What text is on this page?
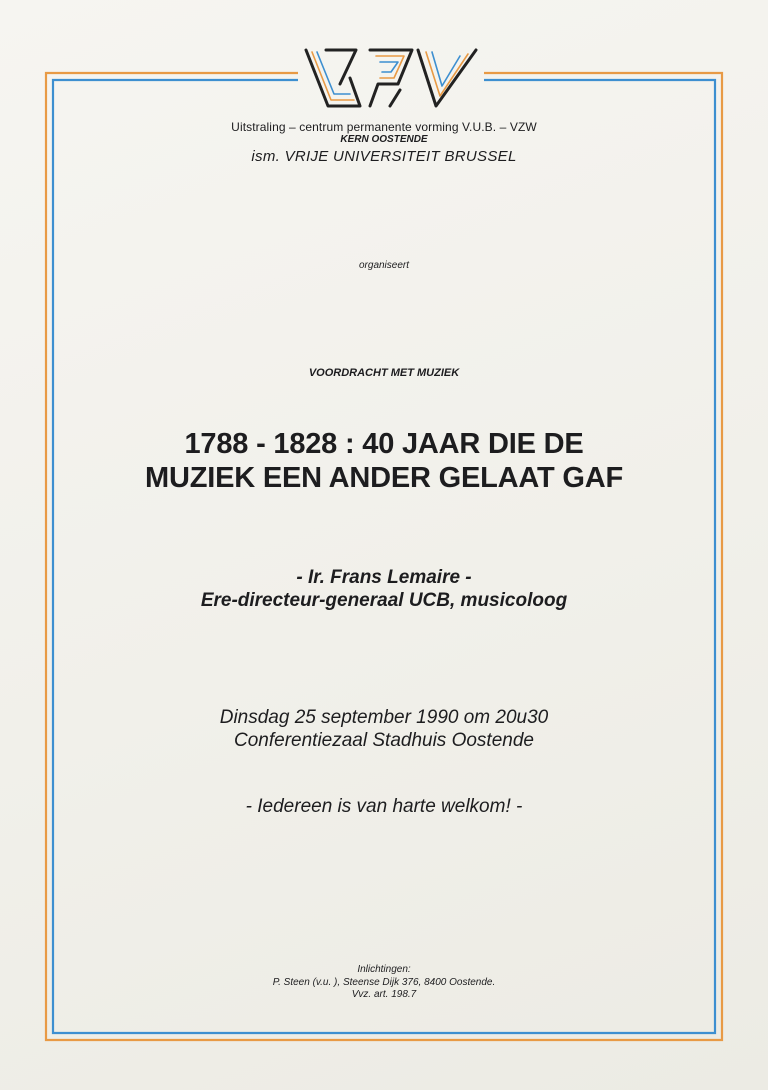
Uitstraling – centrum permanente vorming V.U.B. – VZW
KERN OOSTENDE
ism. VRIJE UNIVERSITEIT BRUSSEL
organiseert
VOORDRACHT MET MUZIEK
1788 - 1828 : 40 JAAR DIE DE
MUZIEK EEN ANDER GELAAT GAF
- Ir. Frans Lemaire -
Ere-directeur-generaal UCB, musicoloog
Dinsdag 25 september 1990 om 20u30
Conferentiezaal Stadhuis Oostende
- Iedereen is van harte welkom! -
Inlichtingen:
P. Steen (v.u. ), Steense Dijk 376, 8400 Oostende.
Vvz. art. 198.7
